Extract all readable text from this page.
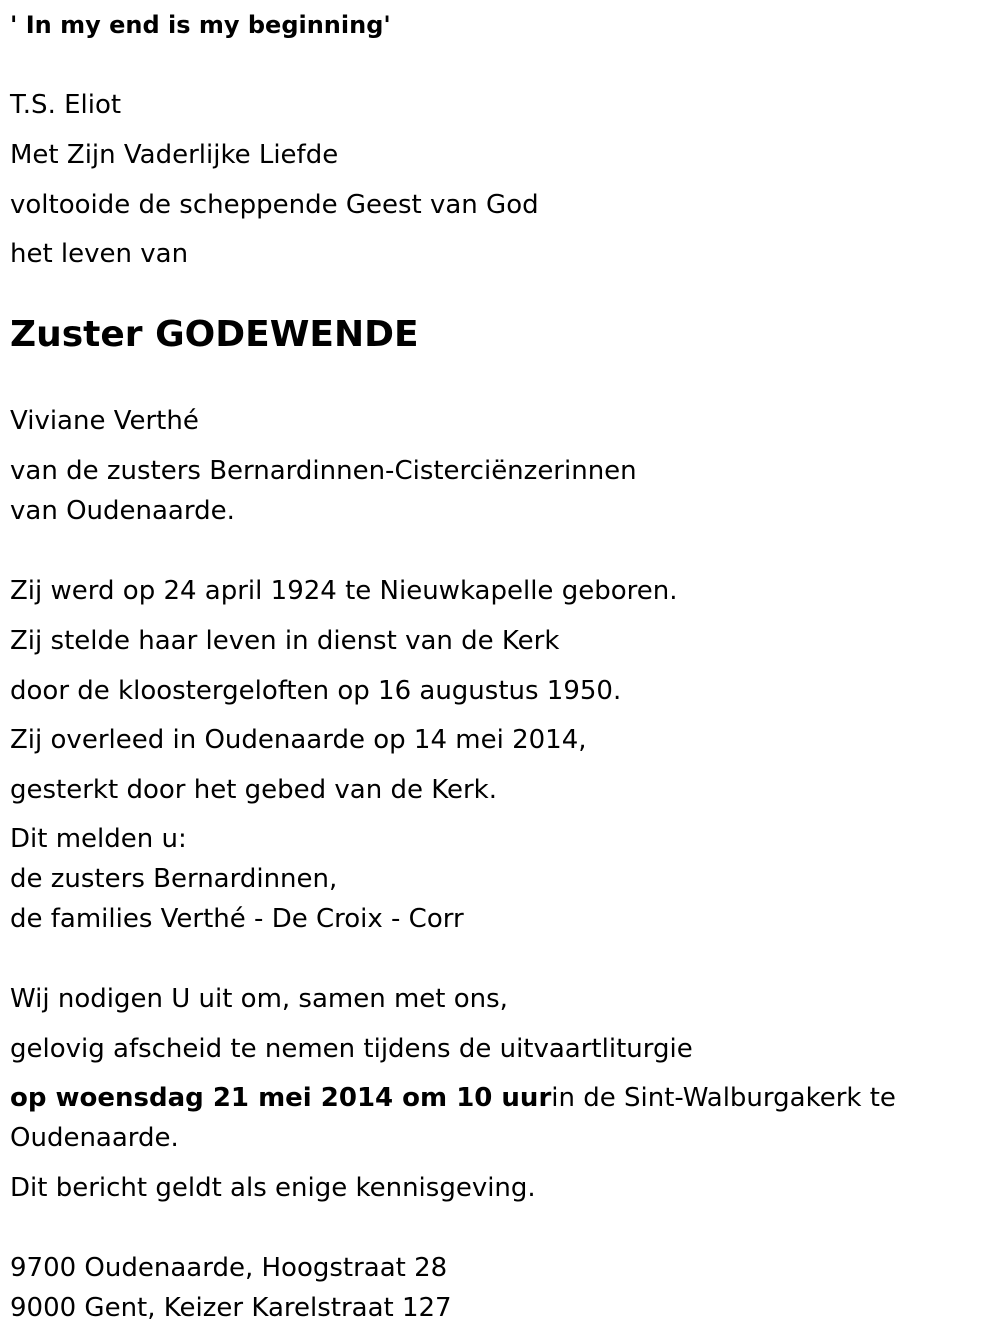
' In my end is my beginning'

T.S. Eliot

Met Zijn Vaderlijke Liefde

voltooide de scheppende Geest van God

het leven van

Zuster GODEWENDE

Viviane Verthé

van de zusters Bernardinnen-Cisterciënzerinnen

van Oudenaarde.

Zij werd op 24 april 1924 te Nieuwkapelle geboren.

Zij stelde haar leven in dienst van de Kerk

door de kloostergeloften op 16 augustus 1950.

Zij overleed in Oudenaarde op 14 mei 2014,

gesterkt door het gebed van de Kerk.

Dit melden u:

de zusters Bernardinnen,

de families Verthé - De Croix - Corr

Wij nodigen U uit om, samen met ons,

gelovig afscheid te nemen tijdens de uitvaartliturgie

op woensdag 21 mei 2014 om 10 uurin de Sint-Walburgakerk te

Oudenaarde.

Dit bericht geldt als enige kennisgeving.

9700 Oudenaarde, Hoogstraat 28

9000 Gent, Keizer Karelstraat 127
